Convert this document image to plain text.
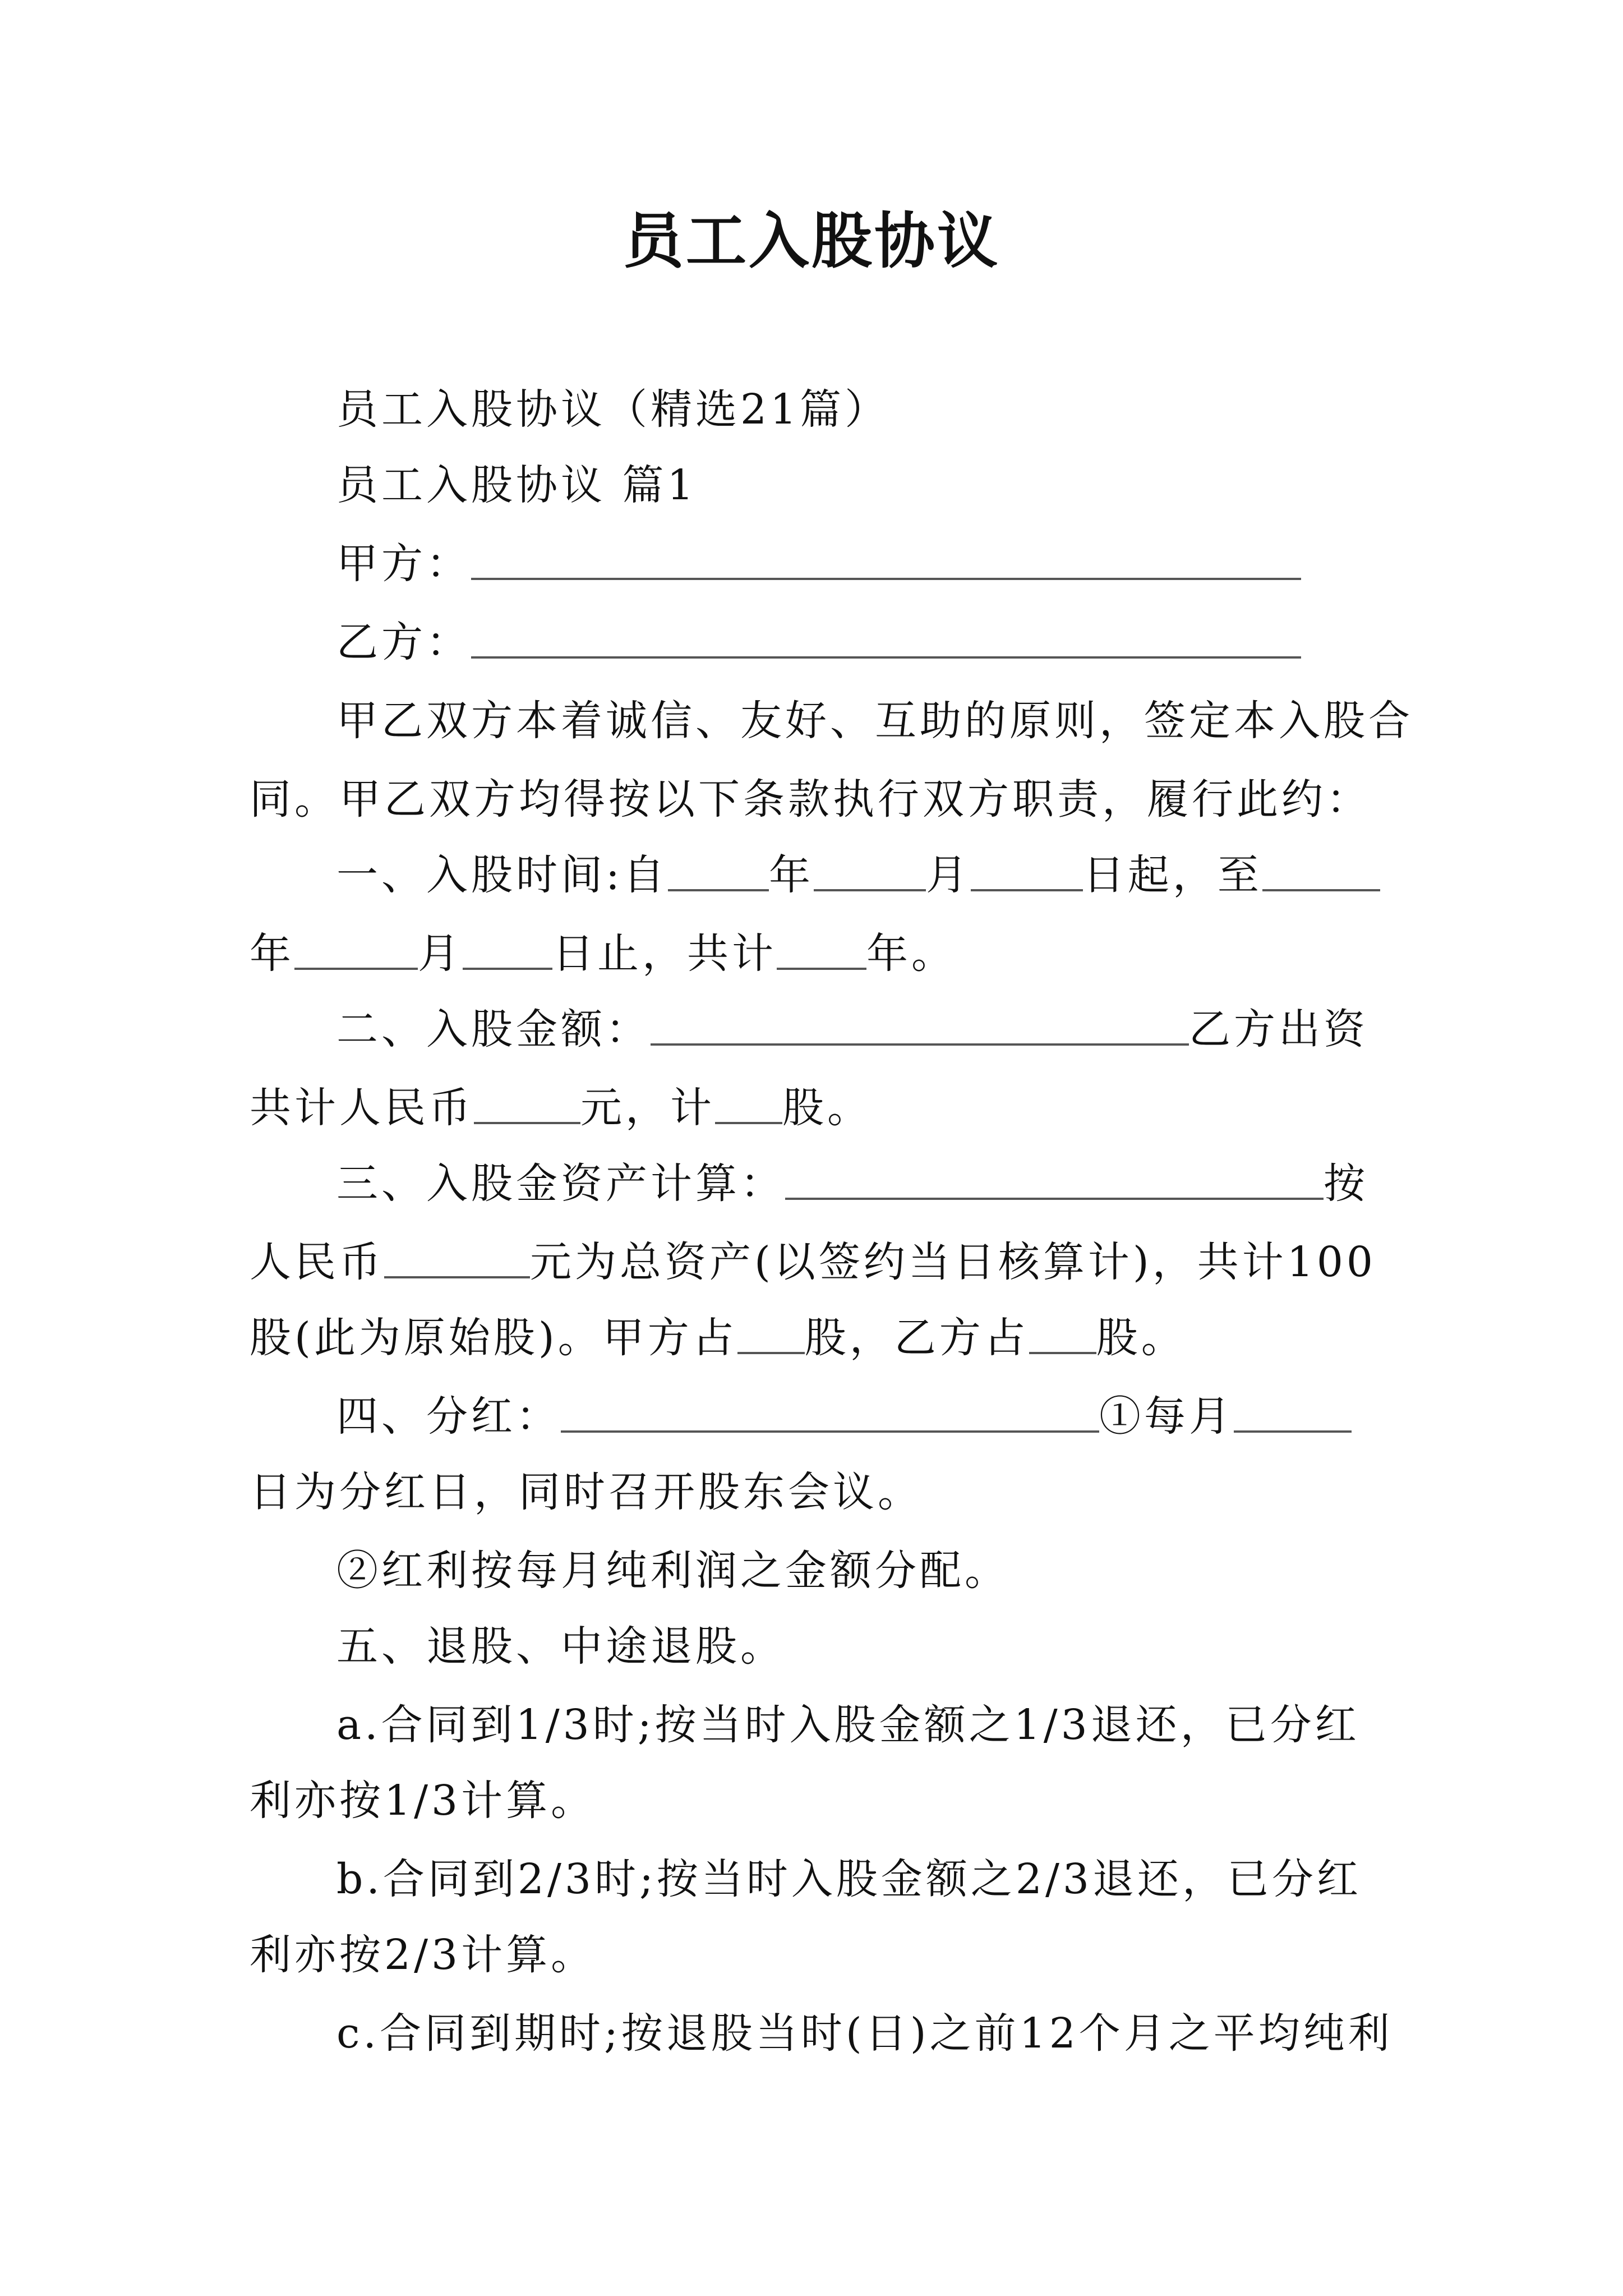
员工入股协议
员工入股协议（精选21篇）
员工入股协议 篇1
甲方：
乙方：
甲乙双方本着诚信、友好、互助的原则，签定本入股合
同。甲乙双方均得按以下条款执行双方职责，履行此约：
一、入股时间:自 年	月	日起，至
年	月 日止，共计 年。
二、入股金额：	乙方出资
共计人民币	元，计 股。
三、入股金资产计算：	按
人民币	元为总资产(以签约当日核算计)，共计100
股(此为原始股)。甲方占 股，乙方占 股。
四、分红：	①每月
日为分红日，同时召开股东会议。
②红利按每月纯利润之金额分配。
五、退股、中途退股。
a.合同到1/3时;按当时入股金额之1/3退还，已分红
利亦按1/3计算。
b.合同到2/3时;按当时入股金额之2/3退还，已分红
利亦按2/3计算。
c.合同到期时;按退股当时(日)之前12个月之平均纯利
